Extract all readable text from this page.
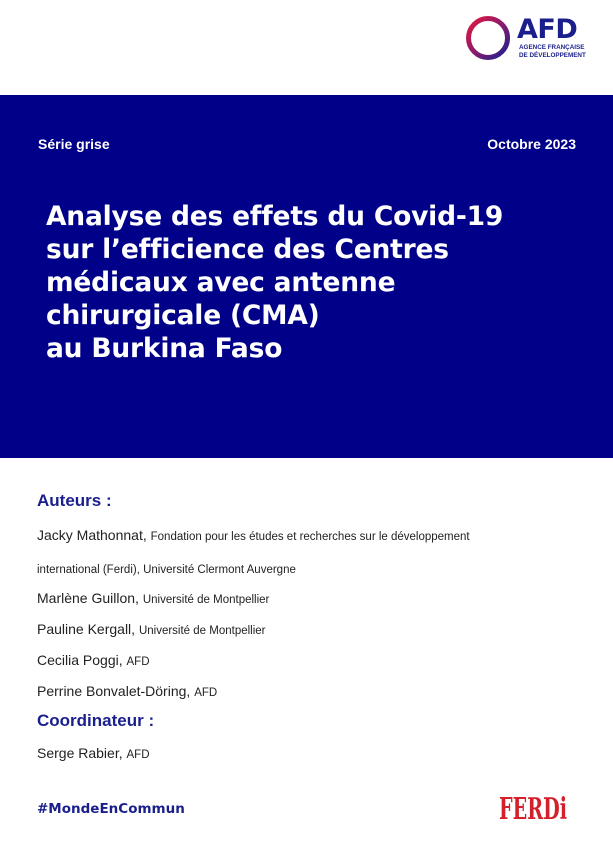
AFD
AGENCE FRANÇAISE
DE DÉVELOPPEMENT
Série grise	Octobre 2023
Analyse des effets du Covid-19
sur l’efficience des Centres
médicaux avec antenne
chirurgicale (CMA)
au Burkina Faso
Auteurs :
Jacky Mathonnat, Fondation pour les études et recherches sur le développement
international (Ferdi), Université Clermont Auvergne
Marlène Guillon, Université de Montpellier
Pauline Kergall, Université de Montpellier
Cecilia Poggi, AFD
Perrine Bonvalet-Döring, AFD
Coordinateur :
Serge Rabier, AFD
#MondeEnCommun	FERDi
